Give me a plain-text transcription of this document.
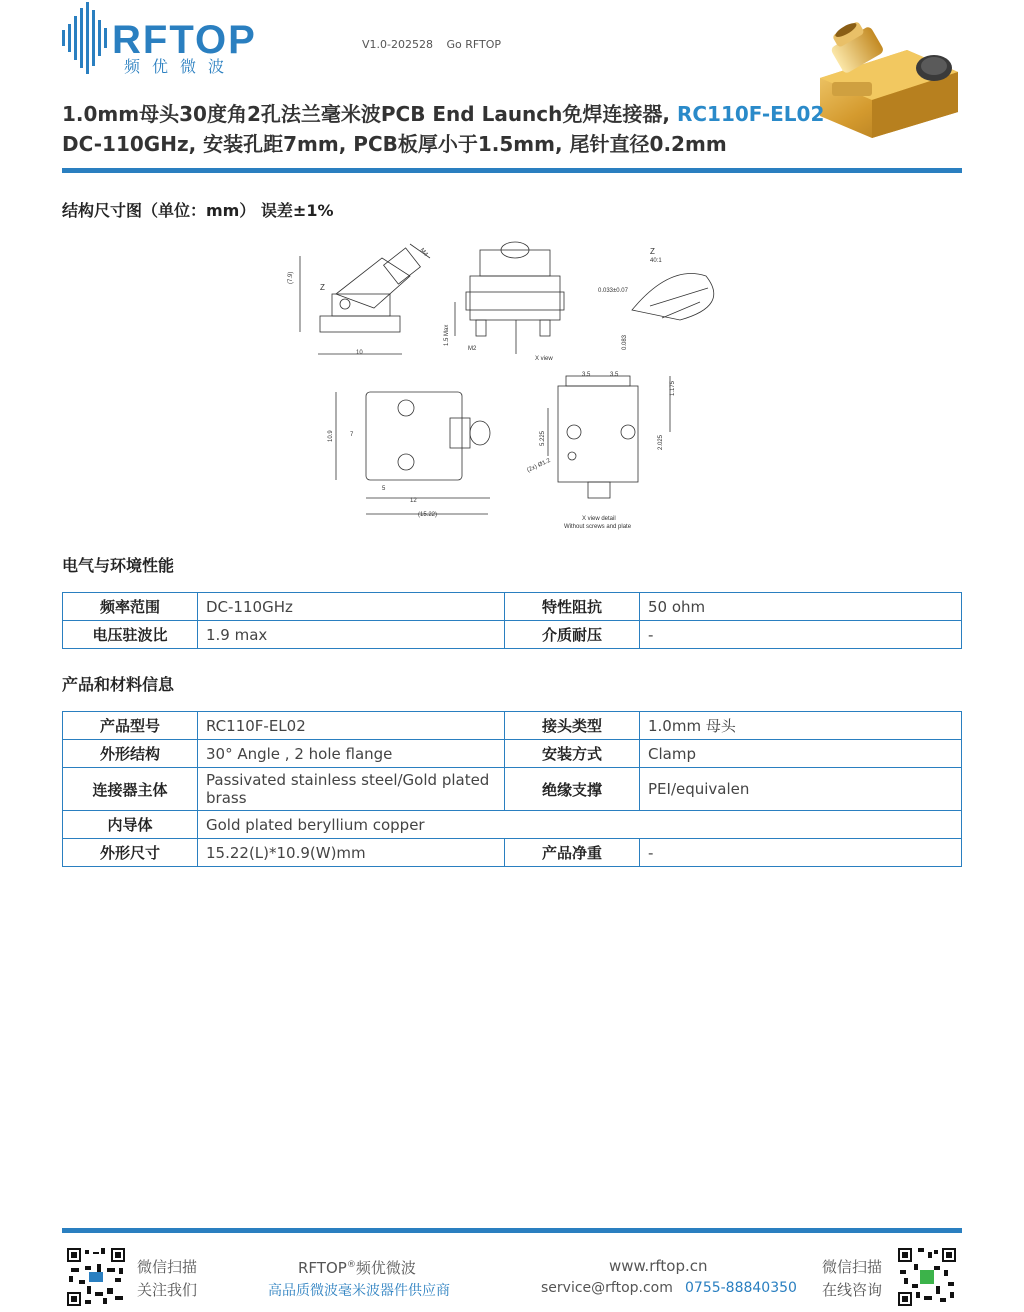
RFTOP
频优微波
V1.0-202528 Go RFTOP
1.0mm母头30度角2孔法兰毫米波PCB End Launch免焊连接器, RC110F-EL02
DC-110GHz, 安装孔距7mm, PCB板厚小于1.5mm, 尾针直径0.2mm
结构尺寸图（单位：mm） 误差±1%
(7.9)
M4
Z
10
1.5 Max
M2
X view
Z
40:1
0.033±0.07
0.083
10.9	7
5
12
(15.22)
3.5	3.5
1.175
5.225	2.025
(2x) Ø1.2
X view detail
Without screws and plate
电气与环境性能
频率范围	DC-110GHz	特性阻抗	50 ohm
电压驻波比	1.9 max	介质耐压	-
产品和材料信息
产品型号	RC110F-EL02	接头类型	1.0mm 母头
外形结构	30° Angle , 2 hole flange	安装方式	Clamp
连接器主体	Passivated stainless steel/Gold plated brass	绝缘支撑	PEI/equivalen
内导体	Gold plated beryllium copper		
外形尺寸	15.22(L)*10.9(W)mm	产品净重	-
微信扫描
关注我们
RFTOP®频优微波
高品质微波毫米波器件供应商
www.rftop.cn
service@rftop.com 0755-88840350
微信扫描
在线咨询
